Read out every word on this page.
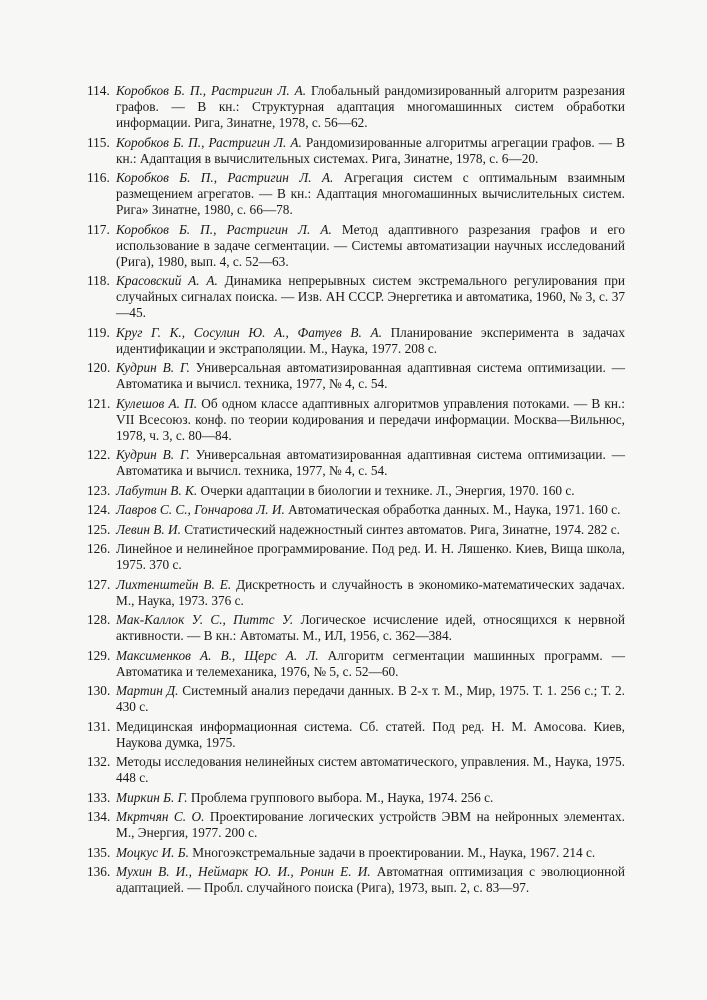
114. Коробков Б. П., Растригин Л. А. Глобальный рандомизированный алгоритм разрезания графов. — В кн.: Структурная адаптация многомашинных систем обработки информации. Рига, Зинатне, 1978, с. 56—62.
115. Коробков Б. П., Растригин Л. А. Рандомизированные алгоритмы агрегации графов. — В кн.: Адаптация в вычислительных системах. Рига, Зинатне, 1978, с. 6—20.
116. Коробков Б. П., Растригин Л. А. Агрегация систем с оптимальным взаимным размещением агрегатов. — В кн.: Адаптация многомашинных вычислительных систем. Рига» Зинатне, 1980, с. 66—78.
117. Коробков Б. П., Растригин Л. А. Метод адаптивного разрезания графов и его использование в задаче сегментации. — Системы автоматизации научных исследований (Рига), 1980, вып. 4, с. 52—63.
118. Красовский А. А. Динамика непрерывных систем экстремального регулирования при случайных сигналах поиска. — Изв. АН СССР. Энергетика и автоматика, 1960, № 3, с. 37—45.
119. Круг Г. К., Сосулин Ю. А., Фатуев В. А. Планирование эксперимента в задачах идентификации и экстраполяции. М., Наука, 1977. 208 с.
120. Кудрин В. Г. Универсальная автоматизированная адаптивная система оптимизации. — Автоматика и вычисл. техника, 1977, № 4, с. 54.
121. Кулешов А. П. Об одном классе адаптивных алгоритмов управления потоками. — В кн.: VII Всесоюз. конф. по теории кодирования и передачи информации. Москва—Вильнюс, 1978, ч. 3, с. 80—84.
122. Кудрин В. Г. Универсальная автоматизированная адаптивная система оптимизации. — Автоматика и вычисл. техника, 1977, № 4, с. 54.
123. Лабутин В. К. Очерки адаптации в биологии и технике. Л., Энергия, 1970. 160 с.
124. Лавров С. С., Гончарова Л. И. Автоматическая обработка данных. М., Наука, 1971. 160 с.
125. Левин В. И. Статистический надежностный синтез автоматов. Рига, Зинатне, 1974. 282 с.
126. Линейное и нелинейное программирование. Под ред. И. Н. Ляшенко. Киев, Вища школа, 1975. 370 с.
127. Лихтенштейн В. Е. Дискретность и случайность в экономико-математических задачах. М., Наука, 1973. 376 с.
128. Мак-Каллок У. С., Питтс У. Логическое исчисление идей, относящихся к нервной активности. — В кн.: Автоматы. М., ИЛ, 1956, с. 362—384.
129. Максименков А. В., Щерс А. Л. Алгоритм сегментации машинных программ. — Автоматика и телемеханика, 1976, № 5, с. 52—60.
130. Мартин Д. Системный анализ передачи данных. В 2-х т. М., Мир, 1975. Т. 1. 256 с.; Т. 2. 430 с.
131. Медицинская информационная система. Сб. статей. Под ред. Н. М. Амосова. Киев, Наукова думка, 1975.
132. Методы исследования нелинейных систем автоматического, управления. М., Наука, 1975. 448 с.
133. Миркин Б. Г. Проблема группового выбора. М., Наука, 1974. 256 с.
134. Мкртчян С. О. Проектирование логических устройств ЭВМ на нейронных элементах. М., Энергия, 1977. 200 с.
135. Моцкус И. Б. Многоэкстремальные задачи в проектировании. М., Наука, 1967. 214 с.
136. Мухин В. И., Неймарк Ю. И., Ронин Е. И. Автоматная оптимизация с эволюционной адаптацией. — Пробл. случайного поиска (Рига), 1973, вып. 2, с. 83—97.
